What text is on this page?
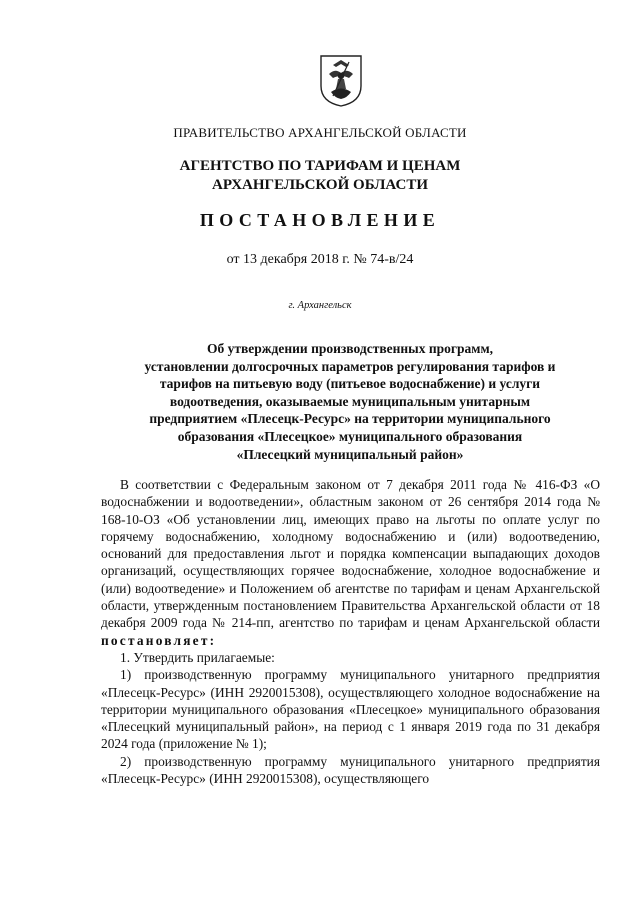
ПРАВИТЕЛЬСТВО АРХАНГЕЛЬСКОЙ ОБЛАСТИ
АГЕНТСТВО ПО ТАРИФАМ И ЦЕНАМ
АРХАНГЕЛЬСКОЙ ОБЛАСТИ
ПОСТАНОВЛЕНИЕ
от 13 декабря 2018 г. № 74-в/24
г. Архангельск
Об утверждении производственных программ,
установлении долгосрочных параметров регулирования тарифов и
тарифов на питьевую воду (питьевое водоснабжение) и услуги
водоотведения, оказываемые муниципальным унитарным
предприятием «Плесецк-Ресурс» на территории муниципального
образования «Плесецкое» муниципального образования
«Плесецкий муниципальный район»

В соответствии с Федеральным законом от 7 декабря 2011 года № 416-ФЗ «О водоснабжении и водоотведении», областным законом от 26 сентября 2014 года № 168-10-ОЗ «Об установлении лиц, имеющих право на льготы по оплате услуг по горячему водоснабжению, холодному водоснабжению и (или) водоотведению, оснований для предоставления льгот и порядка компенсации выпадающих доходов организаций, осуществляющих горячее водоснабжение, холодное водоснабжение и (или) водоотведение» и Положением об агентстве по тарифам и ценам Архангельской области, утвержденным постановлением Правительства Архангельской области от 18 декабря 2009 года № 214-пп, агентство по тарифам и ценам Архангельской области постановляет:

1. Утвердить прилагаемые:

1) производственную программу муниципального унитарного предприятия «Плесецк-Ресурс» (ИНН 2920015308), осуществляющего холодное водоснабжение на территории муниципального образования «Плесецкое» муниципального образования «Плесецкий муниципальный район», на период с 1 января 2019 года по 31 декабря 2024 года (приложение № 1);

2) производственную программу муниципального унитарного предприятия «Плесецк-Ресурс» (ИНН 2920015308), осуществляющего
